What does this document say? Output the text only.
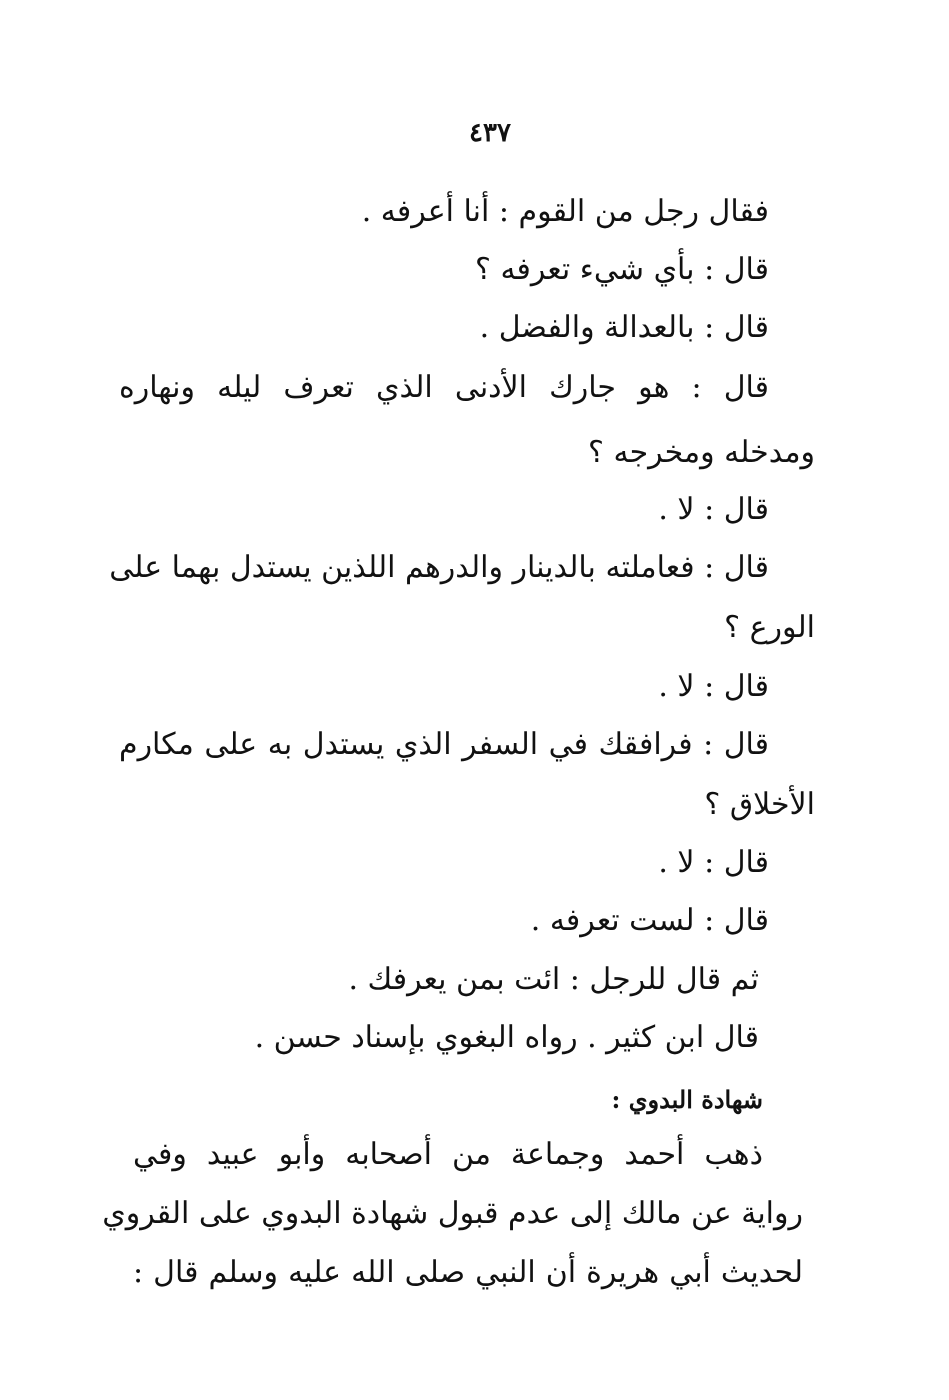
٤٣٧
فقال رجل من القوم : أنا أعرفه .
قال : بأي شيء تعرفه ؟
قال : بالعدالة والفضل .
قال : هو جارك الأدنى الذي تعرف ليله ونهاره
ومدخله ومخرجه ؟
قال : لا .
قال : فعاملته بالدينار والدرهم اللذين يستدل بهما على
الورع ؟
قال : لا .
قال : فرافقك في السفر الذي يستدل به على مكارم
الأخلاق ؟
قال : لا .
قال : لست تعرفه .
ثم قال للرجل : ائت بمن يعرفك .
قال ابن كثير . رواه البغوي بإسناد حسن .
شهادة البدوي :
ذهب أحمد وجماعة من أصحابه وأبو عبيد وفي
رواية عن مالك إلى عدم قبول شهادة البدوي على القروي
لحديث أبي هريرة أن النبي صلى الله عليه وسلم قال :
